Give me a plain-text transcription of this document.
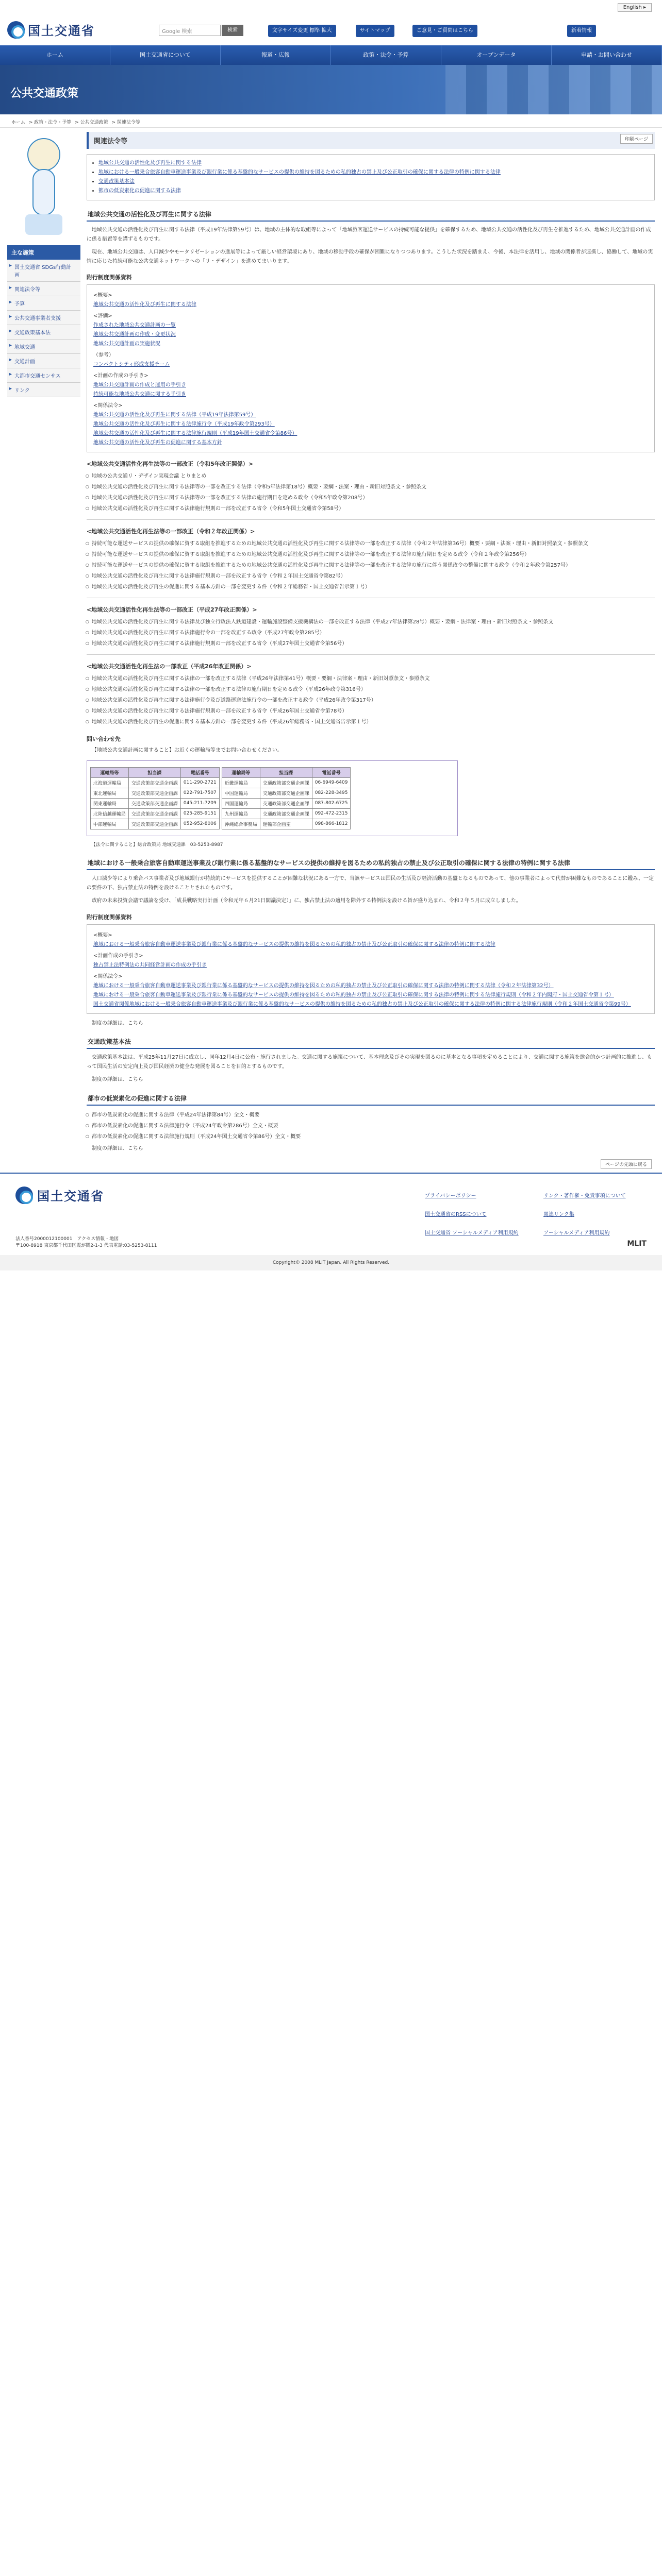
English ▸
国土交通省	Google 検索	検索	文字サイズ変更 標準 拡大	サイトマップ	ご意見・ご質問はこちら	新着情報
ホーム	国土交通省について	報道・広報	政策・法令・予算	オープンデータ	申請・お問い合わせ
公共交通政策
ホーム > 政策・法令・予算 > 公共交通政策 > 関連法令等
主な施策
▸ 国土交通省 SDGs行動計画
▸ 関連法令等
▸ 予算
▸ 公共交通事業者支援
▸ 交通政策基本法
▸ 地域交通
▸ 交通計画
▸ 大都市交通センサス
▸ リンク
関連法令等	印刷ページ
• 地域公共交通の活性化及び再生に関する法律
• 地域における一般乗合旅客自動車運送事業及び銀行業に係る基盤的なサービスの提供の維持を図るための私的独占の禁止及び公正取引の確保に関する法律の特例に関する法律
• 交通政策基本法
• 都市の低炭素化の促進に関する法律
地域公共交通の活性化及び再生に関する法律

地域公共交通の活性化及び再生に関する法律（平成19年法律第59号）は、地域の主体的な取組等によって「地域旅客運送サービスの持続可能な提供」を確保するため、地域公共交通の活性化及び再生を推進するため、地域公共交通計画の作成に係る措置等を講ずるものです。

現在、地域公共交通は、人口減少やモータリゼーションの進展等によって厳しい経営環境にあり、地域の移動手段の確保が困難になりつつあります。こうした状況を踏まえ、今後、本法律を活用し、地域の関係者が連携し、協働して、地域の実情に応じた持続可能な公共交通ネットワークへの「リ・デザイン」を進めてまいります。

附行制度関係資料
<概要>
地域公共交通の活性化及び再生に関する法律
<評価>
作成された地域公共交通計画の一覧
地域公共交通計画の作成・変更状況
地域公共交通計画の実施状況
（参考）
コンパクトシティ形成支援チーム
<計画の作成の手引き>
地域公共交通計画の作成と運用の手引き
持続可能な地域公共交通に関する手引き
<関係法令>
地域公共交通の活性化及び再生に関する法律（平成19年法律第59号）
地域公共交通の活性化及び再生に関する法律施行令（平成19年政令第293号）
地域公共交通の活性化及び再生に関する法律施行規則（平成19年国土交通省令第86号）
地域公共交通の活性化及び再生の促進に関する基本方針
<地域公共交通活性化再生法等の一部改正（令和5年改正関係）>
○ 地域の公共交通リ・デザイン実現会議 とりまとめ
○ 地域公共交通の活性化及び再生に関する法律等の一部を改正する法律（令和5年法律第18号）概要・要綱・法案・理由・新旧対照条文・参照条文
○ 地域公共交通の活性化及び再生に関する法律等の一部を改正する法律の施行期日を定める政令（令和5年政令第208号）
○ 地域公共交通の活性化及び再生に関する法律施行規則の一部を改正する省令（令和5年国土交通省令第58号）
<地域公共交通活性化再生法等の一部改正（令和２年改正関係）>
○ 持続可能な運送サービスの提供の確保に資する取組を推進するための地域公共交通の活性化及び再生に関する法律等の一部を改正する法律（令和２年法律第36号）概要・要綱・法案・理由・新旧対照条文・参照条文
○ 持続可能な運送サービスの提供の確保に資する取組を推進するための地域公共交通の活性化及び再生に関する法律等の一部を改正する法律の施行期日を定める政令（令和２年政令第256号）
○ 持続可能な運送サービスの提供の確保に資する取組を推進するための地域公共交通の活性化及び再生に関する法律等の一部を改正する法律の施行に伴う関係政令の整備に関する政令（令和２年政令第257号）
○ 地域公共交通の活性化及び再生に関する法律施行規則の一部を改正する省令（令和２年国土交通省令第82号）
○ 地域公共交通の活性化及び再生の促進に関する基本方針の一部を変更する件（令和２年総務省・国土交通省告示第１号）
<地域公共交通活性化再生法等の一部改正（平成27年改正関係）>
○ 地域公共交通の活性化及び再生に関する法律及び独立行政法人鉄道建設・運輸施設整備支援機構法の一部を改正する法律（平成27年法律第28号）概要・要綱・法律案・理由・新旧対照条文・参照条文
○ 地域公共交通の活性化及び再生に関する法律施行令の一部を改正する政令（平成27年政令第285号）
○ 地域公共交通の活性化及び再生に関する法律施行規則の一部を改正する省令（平成27年国土交通省令第56号）
<地域公共交通活性化再生法の一部改正（平成26年改正関係）>
○ 地域公共交通の活性化及び再生に関する法律の一部を改正する法律（平成26年法律第41号）概要・要綱・法律案・理由・新旧対照条文・参照条文
○ 地域公共交通の活性化及び再生に関する法律の一部を改正する法律の施行期日を定める政令（平成26年政令第316号）
○ 地域公共交通の活性化及び再生に関する法律施行令及び道路運送法施行令の一部を改正する政令（平成26年政令第317号）
○ 地域公共交通の活性化及び再生に関する法律施行規則の一部を改正する省令（平成26年国土交通省令第78号）
○ 地域公共交通の活性化及び再生の促進に関する基本方針の一部を変更する件（平成26年総務省・国土交通省告示第１号）
問い合わせ先

【地域公共交通計画に関すること】お近くの運輸局等までお問い合わせください。

運輸局等	担当課	電話番号
北海道運輸局	交通政策部交通企画課	011-290-2721
東北運輸局	交通政策部交通企画課	022-791-7507
関東運輸局	交通政策部交通企画課	045-211-7209
北陸信越運輸局	交通政策部交通企画課	025-285-9151
中部運輸局	交通政策部交通企画課	052-952-8006
運輸局等	担当課	電話番号
近畿運輸局	交通政策部交通企画課	06-6949-6409
中国運輸局	交通政策部交通企画課	082-228-3495
四国運輸局	交通政策部交通企画課	087-802-6725
九州運輸局	交通政策部交通企画課	092-472-2315
沖縄総合事務局	運輸部企画室	098-866-1812

【法令に関すること】総合政策局 地域交通課　03-5253-8987

地域における一般乗合旅客自動車運送事業及び銀行業に係る基盤的なサービスの提供の維持を図るための私的独占の禁止及び公正取引の確保に関する法律の特例に関する法律

人口減少等により乗合バス事業者及び地域銀行が持続的にサービスを提供することが困難な状況にある一方で、当該サービスは国民の生活及び経済活動の基盤となるものであって、他の事業者によって代替が困難なものであることに鑑み、一定の要件の下、独占禁止法の特例を設けることとされたものです。

政府の未来投資会議で議論を受け、「成長戦略実行計画（令和元年６月21日閣議決定）」に、独占禁止法の適用を除外する特例法を設ける旨が盛り込まれ、令和２年５月に成立しました。

附行制度関係資料
<概要>
地域における一般乗合旅客自動車運送事業及び銀行業に係る基盤的なサービスの提供の維持を図るための私的独占の禁止及び公正取引の確保に関する法律の特例に関する法律
<計画作成の手引き>
独占禁止法特例法の共同経営計画の作成の手引き
<関係法令>
地域における一般乗合旅客自動車運送事業及び銀行業に係る基盤的なサービスの提供の維持を図るための私的独占の禁止及び公正取引の確保に関する法律の特例に関する法律（令和２年法律第32号）
地域における一般乗合旅客自動車運送事業及び銀行業に係る基盤的なサービスの提供の維持を図るための私的独占の禁止及び公正取引の確保に関する法律の特例に関する法律施行規則（令和２年内閣府・国土交通省令第１号）
国土交通省関係地域における一般乗合旅客自動車運送事業及び銀行業に係る基盤的なサービスの提供の維持を図るための私的独占の禁止及び公正取引の確保に関する法律の特例に関する法律施行規則（令和２年国土交通省令第99号）

制度の詳細は、こちら

交通政策基本法

交通政策基本法は、平成25年11月27日に成立し、同年12月4日に公布・施行されました。交通に関する施策について、基本理念及びその実現を図るのに基本となる事項を定めることにより、交通に関する施策を総合的かつ計画的に推進し、もって国民生活の安定向上及び国民経済の健全な発展を図ることを目的とするものです。

制度の詳細は、こちら

都市の低炭素化の促進に関する法律
○ 都市の低炭素化の促進に関する法律（平成24年法律第84号）全文・概要
○ 都市の低炭素化の促進に関する法律施行令（平成24年政令第286号）全文・概要
○ 都市の低炭素化の促進に関する法律施行規則（平成24年国土交通省令第86号）全文・概要

制度の詳細は、こちら

ページの先頭に戻る
国土交通省
法人番号2000012100001　アクセス情報・地図
〒100-8918 東京都千代田区霞が関2-1-3 代表電話:03-5253-8111
プライバシーポリシー	リンク・著作権・免責事項について
国土交通省のRSSについて	関連リンク集
国土交通省 ソーシャルメディア利用規約	ソーシャルメディア利用規約
MLIT
Copyright© 2008 MLIT Japan. All Rights Reserved.
